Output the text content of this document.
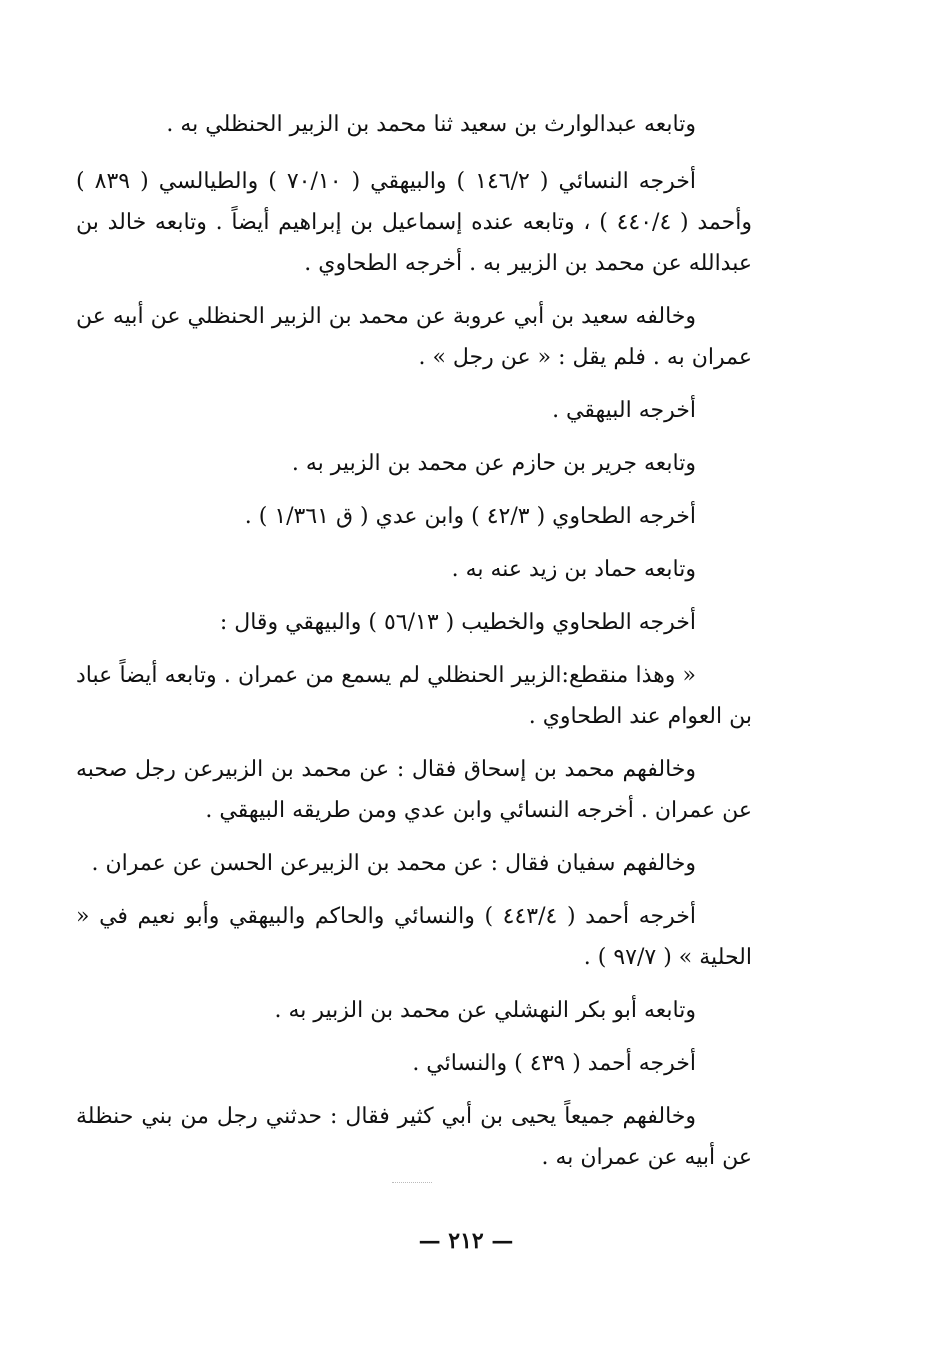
وتابعه عبدالوارث بن سعيد ثنا محمد بن الزبير الحنظلي به .

أخرجه النسائي ( ١٤٦/٢ ) والبيهقي ( ٧٠/١٠ ) والطيالسي ( ٨٣٩ ) وأحمد ( ٤٤٠/٤ ) ، وتابعه عنده إسماعيل بن إبراهيم أيضاً . وتابعه خالد بن عبدالله عن محمد بن الزبير به . أخرجه الطحاوي .

وخالفه سعيد بن أبي عروبة عن محمد بن الزبير الحنظلي عن أبيه عن عمران به . فلم يقل : « عن رجل » .

أخرجه البيهقي .

وتابعه جرير بن حازم عن محمد بن الزبير به .

أخرجه الطحاوي ( ٤٢/٣ ) وابن عدي ( ق ١/٣٦١ ) .

وتابعه حماد بن زيد عنه به .

أخرجه الطحاوي والخطيب ( ٥٦/١٣ ) والبيهقي وقال :

« وهذا منقطع:الزبير الحنظلي لم يسمع من عمران . وتابعه أيضاً عباد بن العوام عند الطحاوي .

وخالفهم محمد بن إسحاق فقال : عن محمد بن الزبيرعن رجل صحبه عن عمران . أخرجه النسائي وابن عدي ومن طريقه البيهقي .

وخالفهم سفيان فقال : عن محمد بن الزبيرعن الحسن عن عمران .

أخرجه أحمد ( ٤٤٣/٤ ) والنسائي والحاكم والبيهقي وأبو نعيم في « الحلية » ( ٩٧/٧ ) .

وتابعه أبو بكر النهشلي عن محمد بن الزبير به .

أخرجه أحمد ( ٤٣٩ ) والنسائي .

وخالفهم جميعاً يحيى بن أبي كثير فقال : حدثني رجل من بني حنظلة عن أبيه عن عمران به .

— ٢١٢ —
